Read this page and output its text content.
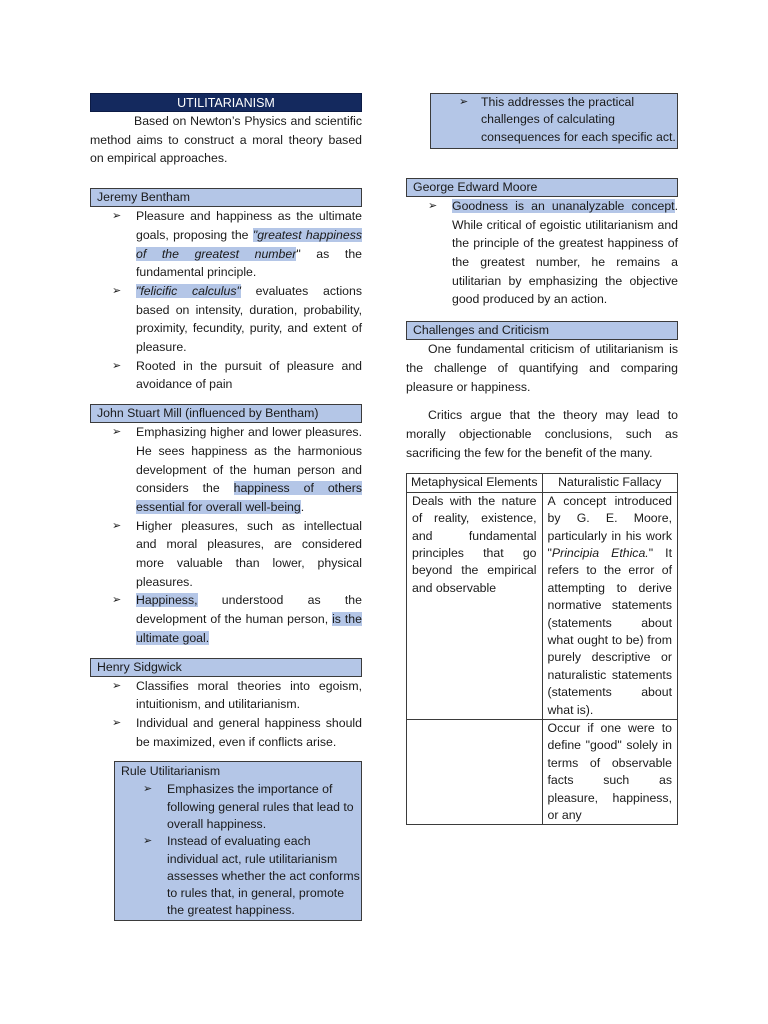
UTILITARIANISM

Based on Newton’s Physics and scientific method aims to construct a moral theory based on empirical approaches.

Jeremy Bentham
➢ Pleasure and happiness as the ultimate goals, proposing the "greatest happiness of the greatest number" as the fundamental principle.
➢ "felicific calculus" evaluates actions based on intensity, duration, probability, proximity, fecundity, purity, and extent of pleasure.
➢ Rooted in the pursuit of pleasure and avoidance of pain
John Stuart Mill (influenced by Bentham)
➢ Emphasizing higher and lower pleasures. He sees happiness as the harmonious development of the human person and considers the happiness of others essential for overall well-being.
➢ Higher pleasures, such as intellectual and moral pleasures, are considered more valuable than lower, physical pleasures.
➢ Happiness, understood as the development of the human person, is the ultimate goal.
Henry Sidgwick
➢ Classifies moral theories into egoism, intuitionism, and utilitarianism.
➢ Individual and general happiness should be maximized, even if conflicts arise.
Rule Utilitarianism
➢ Emphasizes the importance of following general rules that lead to overall happiness.
➢ Instead of evaluating each individual act, rule utilitarianism assesses whether the act conforms to rules that, in general, promote the greatest happiness.
➢ This addresses the practical challenges of calculating consequences for each specific act.
George Edward Moore
➢ Goodness is an unanalyzable concept. While critical of egoistic utilitarianism and the principle of the greatest happiness of the greatest number, he remains a utilitarian by emphasizing the objective good produced by an action.
Challenges and Criticism

One fundamental criticism of utilitarianism is the challenge of quantifying and comparing pleasure or happiness.

Critics argue that the theory may lead to morally objectionable conclusions, such as sacrificing the few for the benefit of the many.

Metaphysical Elements	Naturalistic Fallacy
Deals with the nature of reality, existence, and fundamental principles that go beyond the empirical and observable	A concept introduced by G. E. Moore, particularly in his work "Principia Ethica." It refers to the error of attempting to derive normative statements (statements about what ought to be) from purely descriptive or naturalistic statements (statements about what is).
	Occur if one were to define "good" solely in terms of observable facts such as pleasure, happiness, or any
